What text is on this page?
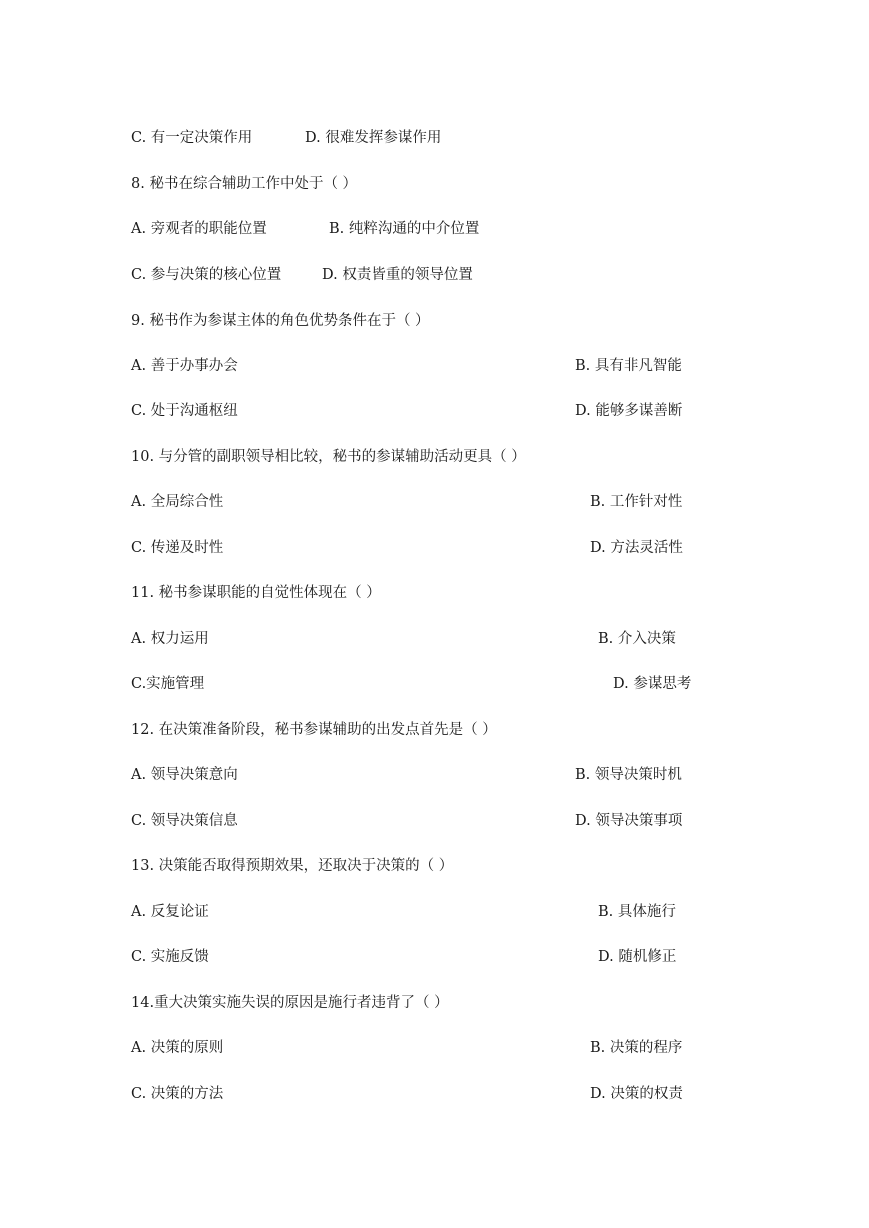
C. 有一定决策作用	D. 很难发挥参谋作用
8. 秘书在综合辅助工作中处于（ ）
A. 旁观者的职能位置	B. 纯粹沟通的中介位置
C. 参与决策的核心位置	D. 权责皆重的领导位置
9. 秘书作为参谋主体的角色优势条件在于（ ）
A. 善于办事办会	B. 具有非凡智能
C. 处于沟通枢纽	D. 能够多谋善断
10. 与分管的副职领导相比较，秘书的参谋辅助活动更具（ ）
A. 全局综合性	B. 工作针对性
C. 传递及时性	D. 方法灵活性
11. 秘书参谋职能的自觉性体现在（ ）
A. 权力运用	B. 介入决策
C.实施管理	D. 参谋思考
12. 在决策准备阶段，秘书参谋辅助的出发点首先是（ ）
A. 领导决策意向	B. 领导决策时机
C. 领导决策信息	D. 领导决策事项
13. 决策能否取得预期效果，还取决于决策的（ ）
A. 反复论证	B. 具体施行
C. 实施反馈	D. 随机修正
14.重大决策实施失误的原因是施行者违背了（ ）
A. 决策的原则	B. 决策的程序
C. 决策的方法	D. 决策的权责
